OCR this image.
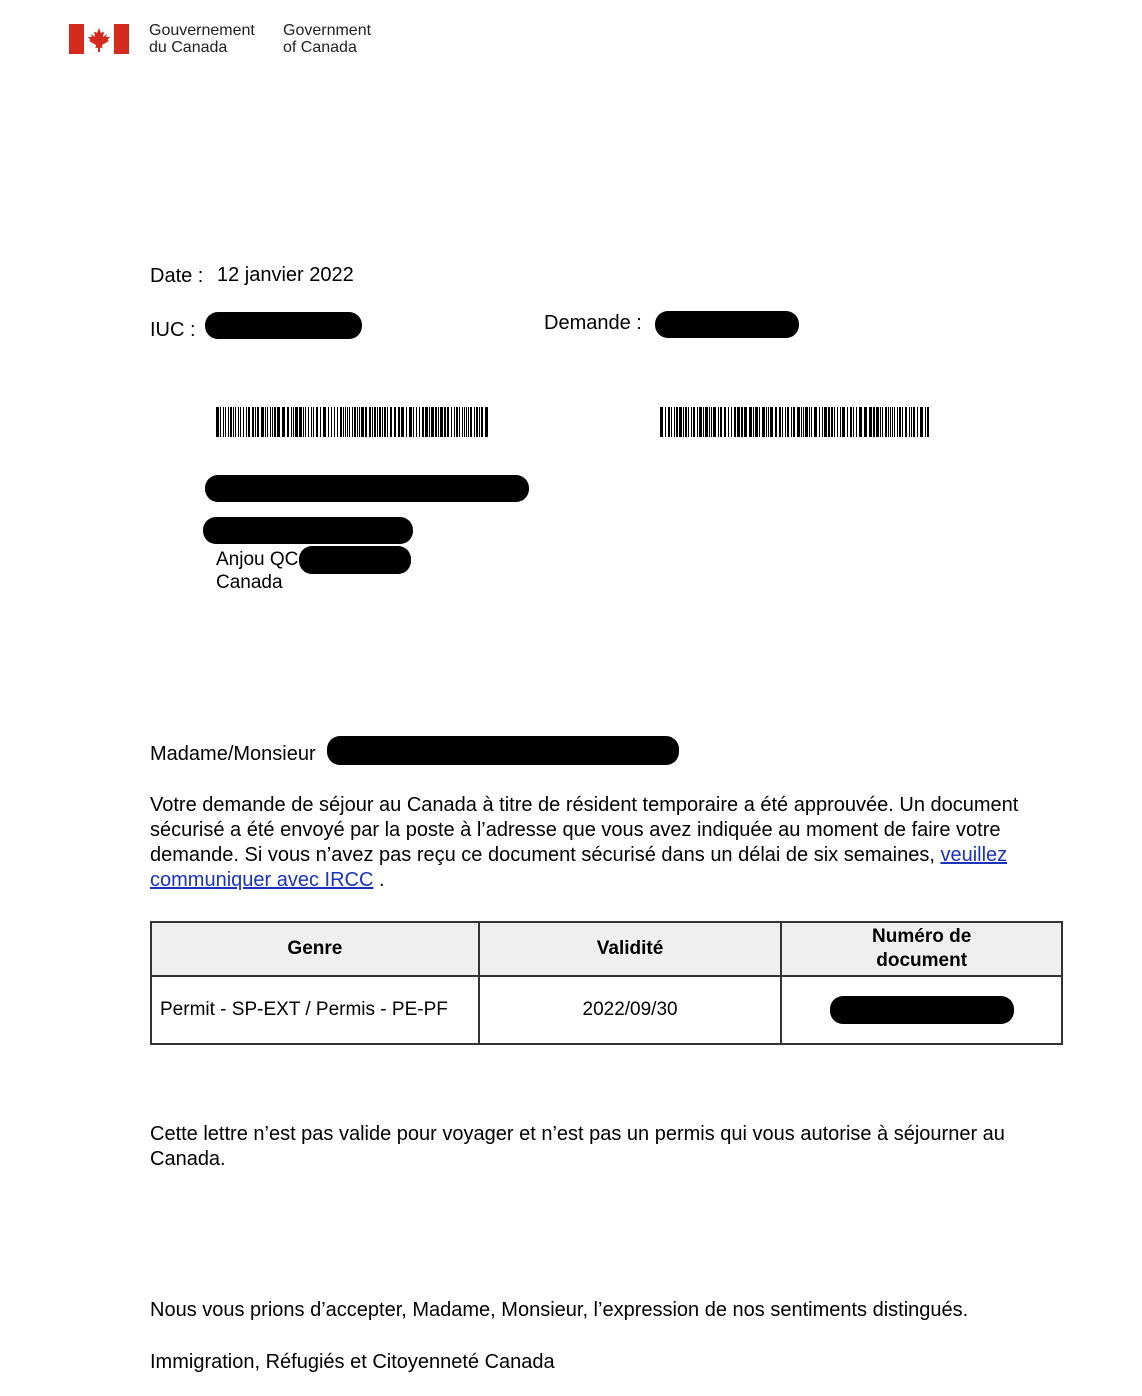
Gouvernement
du Canada
Government
of Canada
Date : 12 janvier 2022
IUC :	Demande :
Anjou QC
Canada
Madame/Monsieur
Votre demande de séjour au Canada à titre de résident temporaire a été approuvée. Un document sécurisé a été envoyé par la poste à l’adresse que vous avez indiquée au moment de faire votre demande. Si vous n’avez pas reçu ce document sécurisé dans un délai de six semaines, veuillez communiquer avec IRCC .
Genre	Validité	Numéro de document
Permit - SP-EXT / Permis - PE-PF	2022/09/30	
Cette lettre n’est pas valide pour voyager et n’est pas un permis qui vous autorise à séjourner au Canada.
Nous vous prions d’accepter, Madame, Monsieur, l’expression de nos sentiments distingués.
Immigration, Réfugiés et Citoyenneté Canada
